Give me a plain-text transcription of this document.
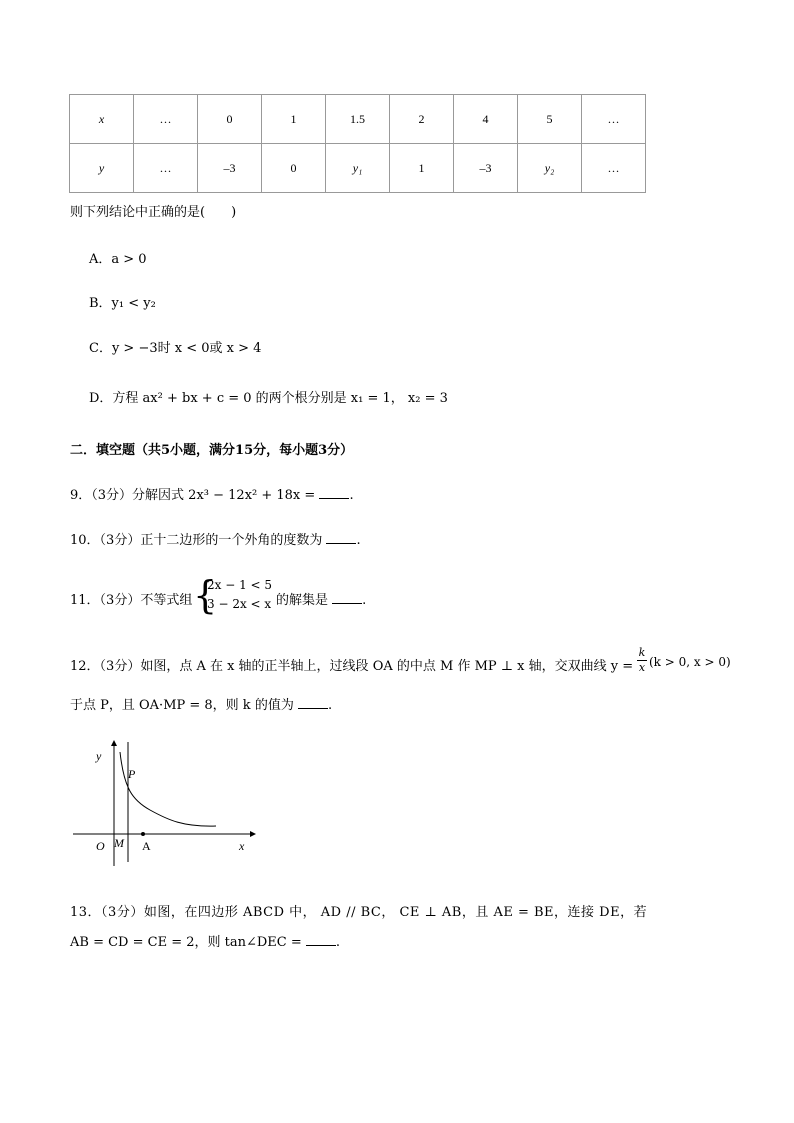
x	…	0	1	1.5	2	4	5	…
y	…	–3	0	y₁	1	–3	y₂	…
则下列结论中正确的是(　　)
A．a > 0
B．y₁ < y₂
C．y > −3时 x < 0或 x > 4
D．方程 ax² + bx + c = 0 的两个根分别是 x₁ = 1， x₂ = 3
二．填空题（共5小题，满分15分，每小题3分）
9．（3分）分解因式 2x³ − 12x² + 18x =	.
10．（3分）正十二边形的一个外角的度数为	.
11．（3分）不等式组 {
2x − 1 < 5
3 − 2x < x 的解集是	.
12．（3分）如图，点 A 在 x 轴的正半轴上，过线段 OA 的中点 M 作 MP ⊥ x 轴，交双曲线 $y = \frac{k}{x} (k > 0$, x > 0)
于点 P，且 OA·MP = 8，则 k 的值为	.
y
x
P
O M A
13．（3分）如图，在四边形 ABCD 中， AD // BC， CE ⊥ AB，且 AE = BE，连接 DE，若
AB = CD = CE = 2，则 tan∠DEC =	.
